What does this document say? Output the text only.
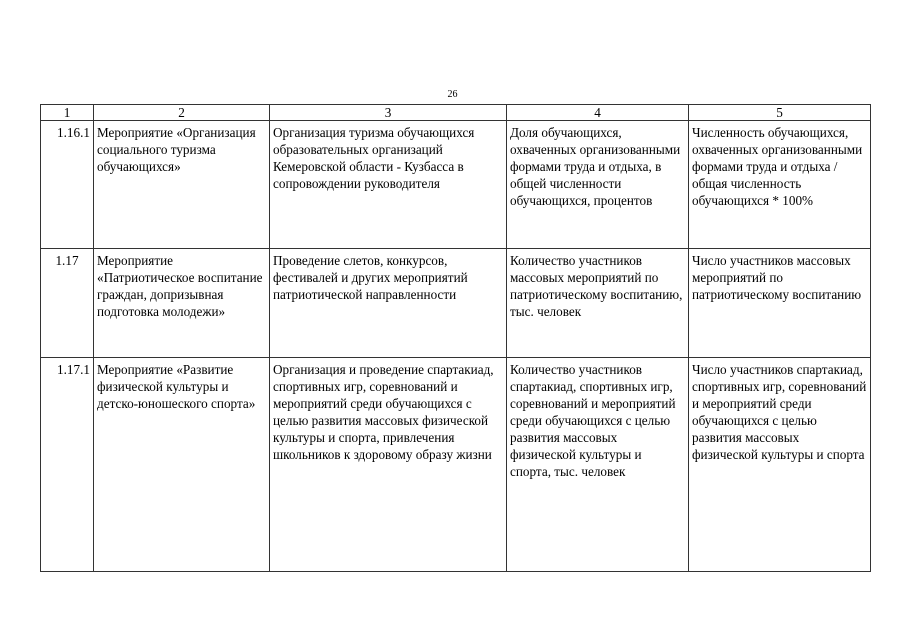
26
1	2	3	4	5
1.16.1	Мероприятие «Организация социального туризма обучающихся»	Организация туризма обучающихся образовательных организаций Кемеровской области - Кузбасса в сопровождении руководителя	Доля обучающихся, охваченных организованными формами труда и отдыха, в общей численности обучающихся, процентов	Численность обучающихся, охваченных организованными формами труда и отдыха / общая численность обучающихся * 100%
1.17	Мероприятие «Патриотическое воспитание граждан, допризывная подготовка молодежи»	Проведение слетов, конкурсов, фестивалей и других мероприятий патриотической направленности	Количество участников массовых мероприятий по патриотическому воспитанию, тыс. человек	Число участников массовых мероприятий по патриотическому воспитанию
1.17.1	Мероприятие «Развитие физической культуры и детско-юношеского спорта»	Организация и проведение спартакиад, спортивных игр, соревнований и мероприятий среди обучающихся с целью развития массовых физической культуры и спорта, привлечения школьников к здоровому образу жизни	Количество участников спартакиад, спортивных игр, соревнований и мероприятий среди обучающихся с целью развития массовых физической культуры и спорта, тыс. человек	Число участников спартакиад, спортивных игр, соревнований и мероприятий среди обучающихся с целью развития массовых физической культуры и спорта
